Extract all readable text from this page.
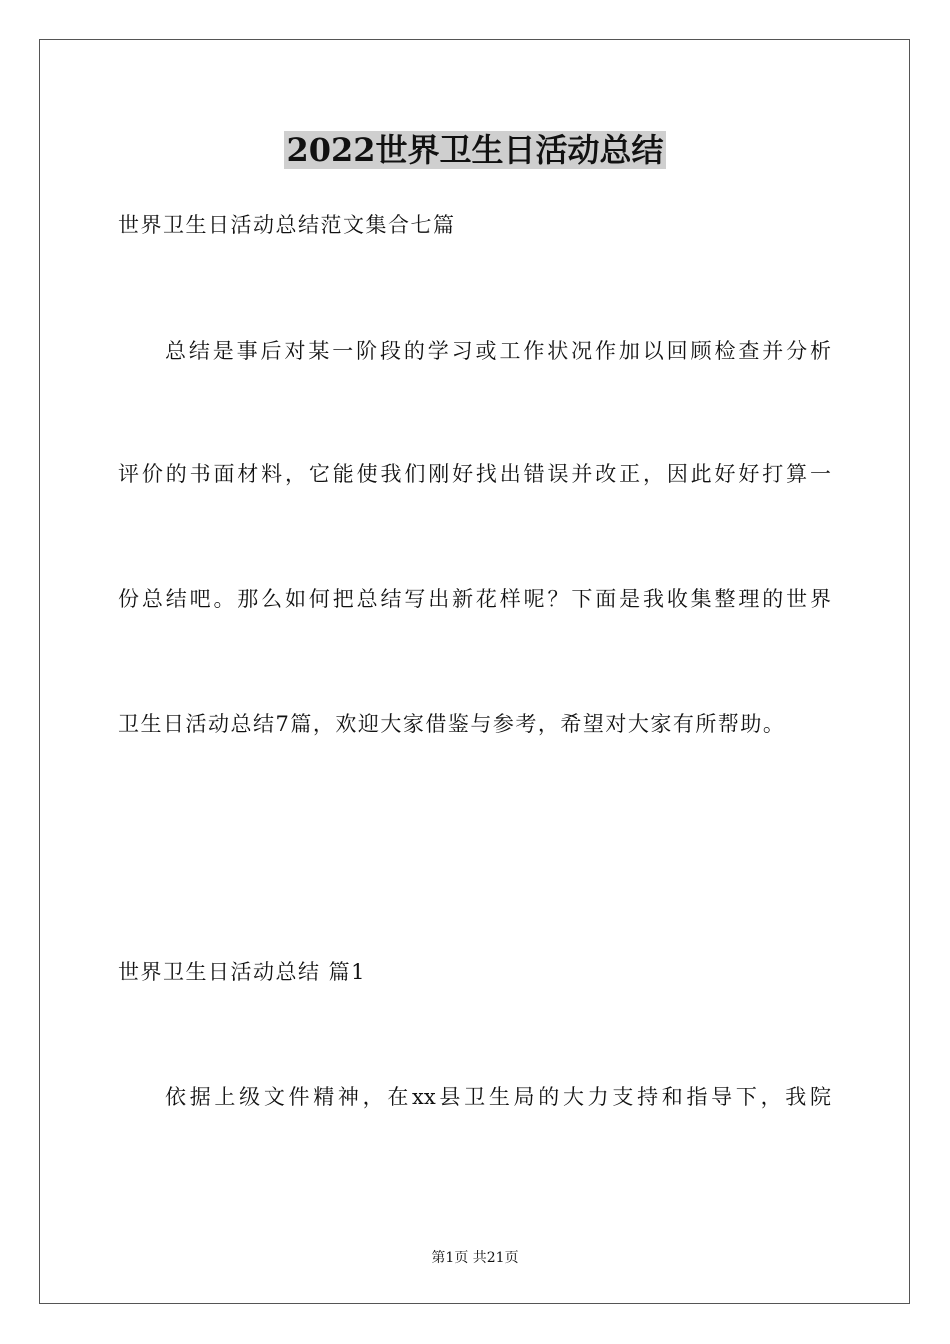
2022世界卫生日活动总结
世界卫生日活动总结范文集合七篇
总结是事后对某一阶段的学习或工作状况作加以回顾检查并分析
评价的书面材料，它能使我们刚好找出错误并改正，因此好好打算一
份总结吧。那么如何把总结写出新花样呢？下面是我收集整理的世界
卫生日活动总结7篇，欢迎大家借鉴与参考，希望对大家有所帮助。
世界卫生日活动总结 篇1
依据上级文件精神，在xx县卫生局的大力支持和指导下，我院
第1页 共21页
